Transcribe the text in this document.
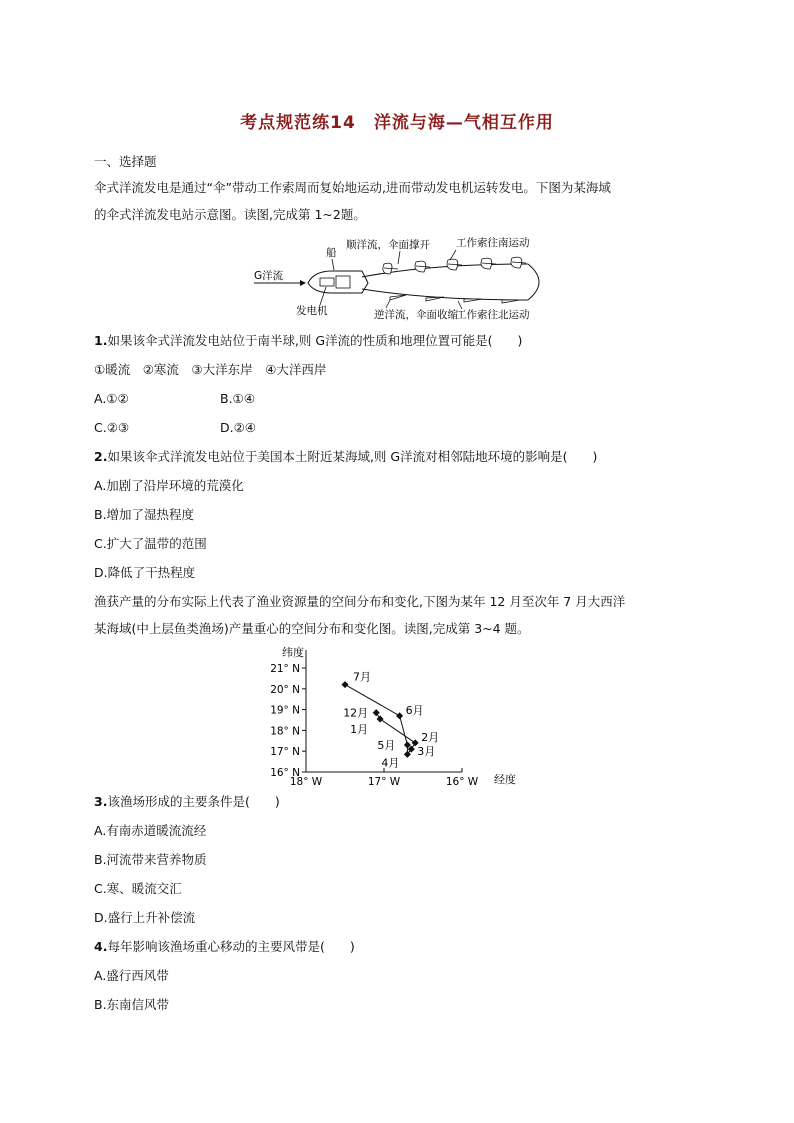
考点规范练14　洋流与海—气相互作用
一、选择题
伞式洋流发电是通过“伞”带动工作索周而复始地运动,进而带动发电机运转发电。下图为某海域
的伞式洋流发电站示意图。读图,完成第 1~2题。
G洋流
船
发电机
顺洋流，伞面撑开 工作索往南运动
逆洋流，伞面收缩
工作索往北运动
1.如果该伞式洋流发电站位于南半球,则 G洋流的性质和地理位置可能是(　　)
①暖流　②寒流　③大洋东岸　④大洋西岸
A.①②	B.①④
C.②③	D.②④
2.如果该伞式洋流发电站位于美国本土附近某海域,则 G洋流对相邻陆地环境的影响是(　　)
A.加剧了沿岸环境的荒漠化
B.增加了湿热程度
C.扩大了温带的范围
D.降低了干热程度
渔获产量的分布实际上代表了渔业资源量的空间分布和变化,下图为某年 12 月至次年 7 月大西洋
某海域(中上层鱼类渔场)产量重心的空间分布和变化图。读图,完成第 3~4 题。
纬度
经度
16° N
17° N
18° N
19° N
20° N
21° N
18° W	17° W	16° W
12月
1月
2月
3月
4月
5月
6月
7月
3.该渔场形成的主要条件是(　　)
A.有南赤道暖流流经
B.河流带来营养物质
C.寒、暖流交汇
D.盛行上升补偿流
4.每年影响该渔场重心移动的主要风带是(　　)
A.盛行西风带
B.东南信风带
